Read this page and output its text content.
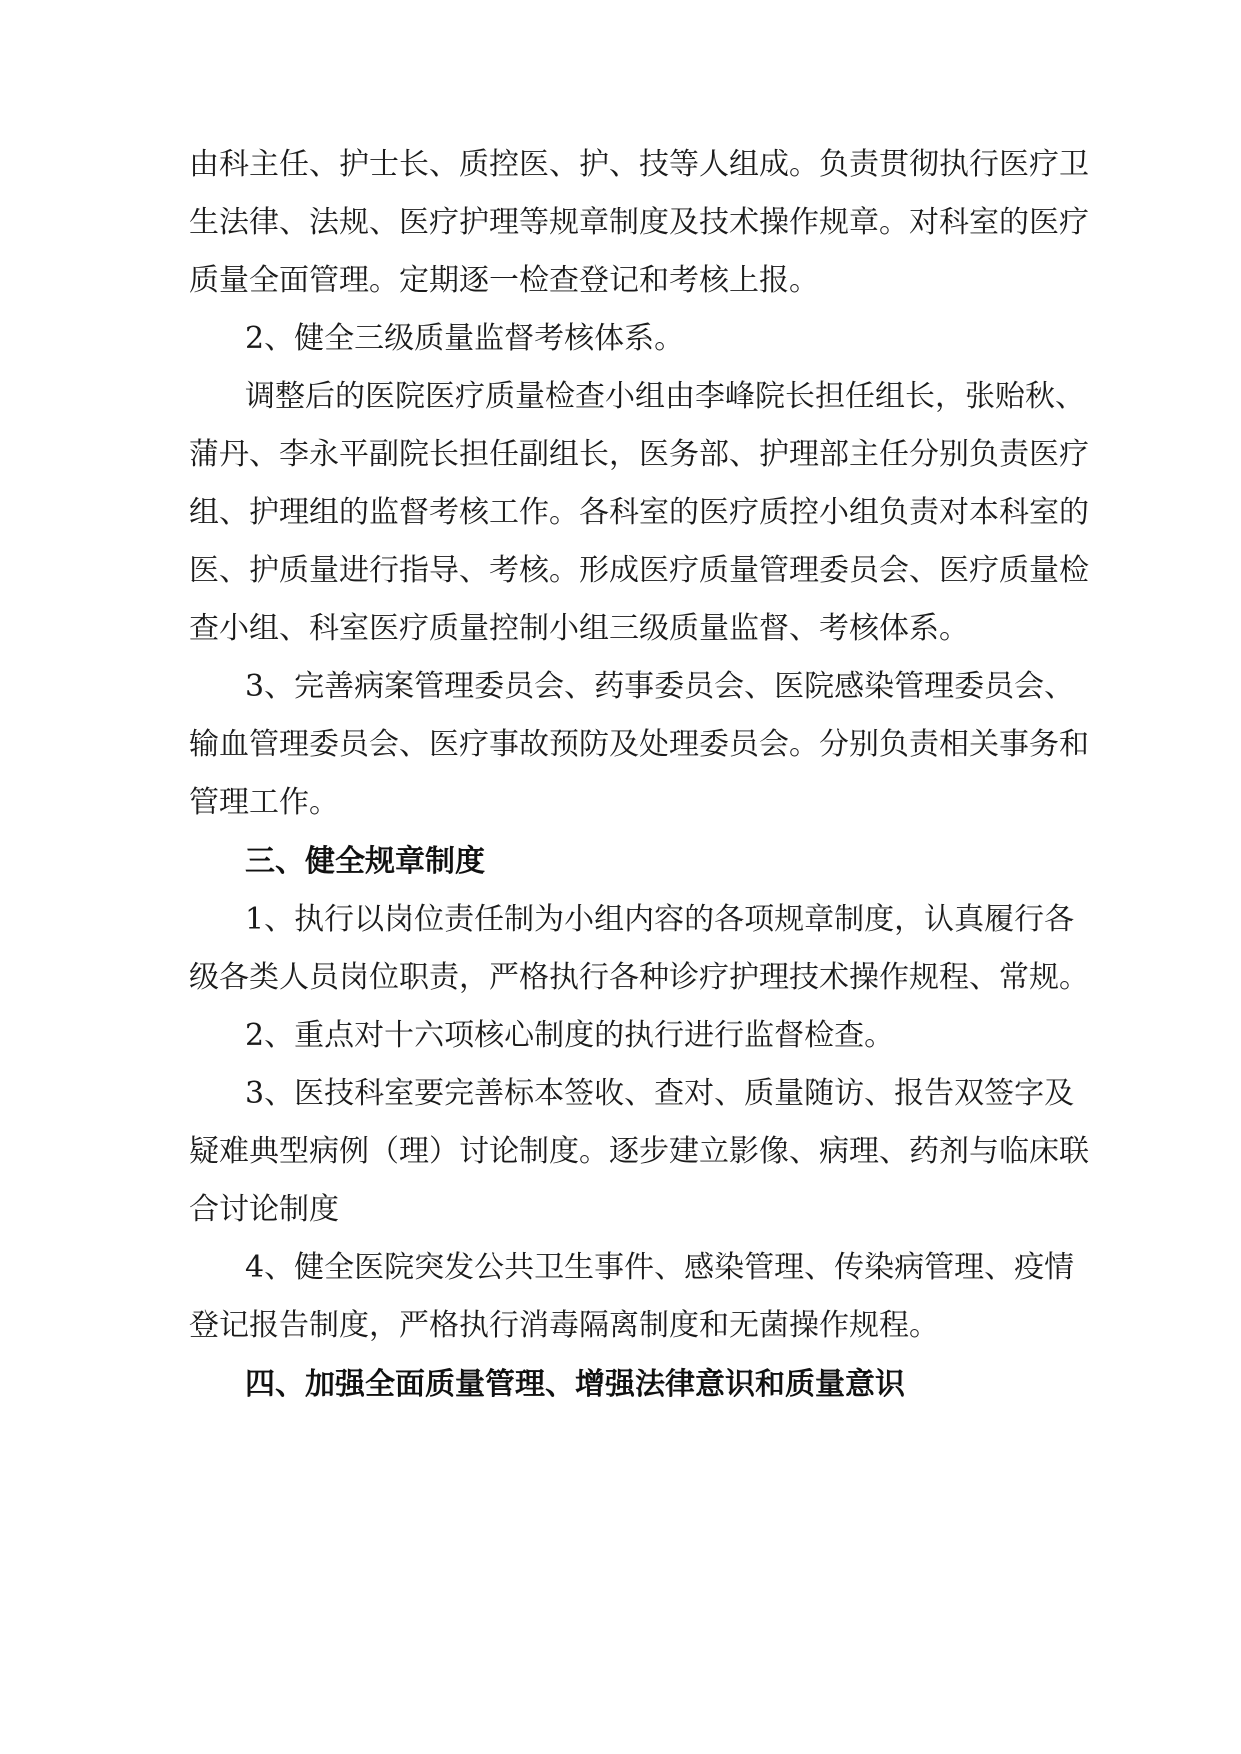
由科主任、护士长、质控医、护、技等人组成。负责贯彻执行医疗卫

生法律、法规、医疗护理等规章制度及技术操作规章。对科室的医疗

质量全面管理。定期逐一检查登记和考核上报。

2、健全三级质量监督考核体系。

调整后的医院医疗质量检查小组由李峰院长担任组长，张贻秋、

蒲丹、李永平副院长担任副组长，医务部、护理部主任分别负责医疗

组、护理组的监督考核工作。各科室的医疗质控小组负责对本科室的

医、护质量进行指导、考核。形成医疗质量管理委员会、医疗质量检

查小组、科室医疗质量控制小组三级质量监督、考核体系。

3、完善病案管理委员会、药事委员会、医院感染管理委员会、

输血管理委员会、医疗事故预防及处理委员会。分别负责相关事务和

管理工作。

三、健全规章制度

1、执行以岗位责任制为小组内容的各项规章制度，认真履行各

级各类人员岗位职责，严格执行各种诊疗护理技术操作规程、常规。

2、重点对十六项核心制度的执行进行监督检查。

3、医技科室要完善标本签收、查对、质量随访、报告双签字及

疑难典型病例（理）讨论制度。逐步建立影像、病理、药剂与临床联

合讨论制度

4、健全医院突发公共卫生事件、感染管理、传染病管理、疫情

登记报告制度，严格执行消毒隔离制度和无菌操作规程。

四、加强全面质量管理、增强法律意识和质量意识
